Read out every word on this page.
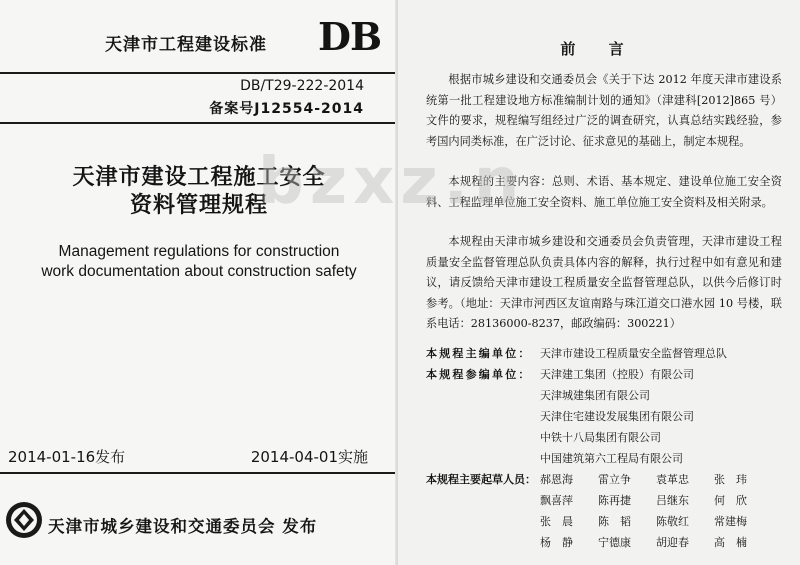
天津市工程建设标准 DB
DB/T29-222-2014
备案号J12554-2014
天津市建设工程施工安全
资料管理规程
Management regulations for construction
work documentation about construction safety
2014-01-16发布	2014-04-01实施
天津市城乡建设和交通委员会 发布
前 言

根据市城乡建设和交通委员会《关于下达 2012 年度天津市建设系统第一批工程建设地方标准编制计划的通知》（津建科[2012]865 号）文件的要求，规程编写组经过广泛的调查研究，认真总结实践经验，参考国内同类标准，在广泛讨论、征求意见的基础上，制定本规程。

本规程的主要内容：总则、术语、基本规定、建设单位施工安全资料、工程监理单位施工安全资料、施工单位施工安全资料及相关附录。

本规程由天津市城乡建设和交通委员会负责管理，天津市建设工程质量安全监督管理总队负责具体内容的解释，执行过程中如有意见和建议，请反馈给天津市建设工程质量安全监督管理总队，以供今后修订时参考。（地址：天津市河西区友谊南路与珠江道交口港水园 10 号楼，联系电话：28136000-8237，邮政编码：300221）

本规程主编单位： 天津市建设工程质量安全监督管理总队
本规程参编单位： 天津建工集团（控股）有限公司
天津城建集团有限公司
天津住宅建设发展集团有限公司
中铁十八局集团有限公司
中国建筑第六工程局有限公司
本规程主要起草人员： 郝恩海 雷立争 袁革忠 张　玮
飘喜萍 陈再捷 吕继东 何　欣
张　晨 陈　韬 陈敬红 常建梅
杨　静 宁德康 胡迎春 高　楠
bzxz.n
